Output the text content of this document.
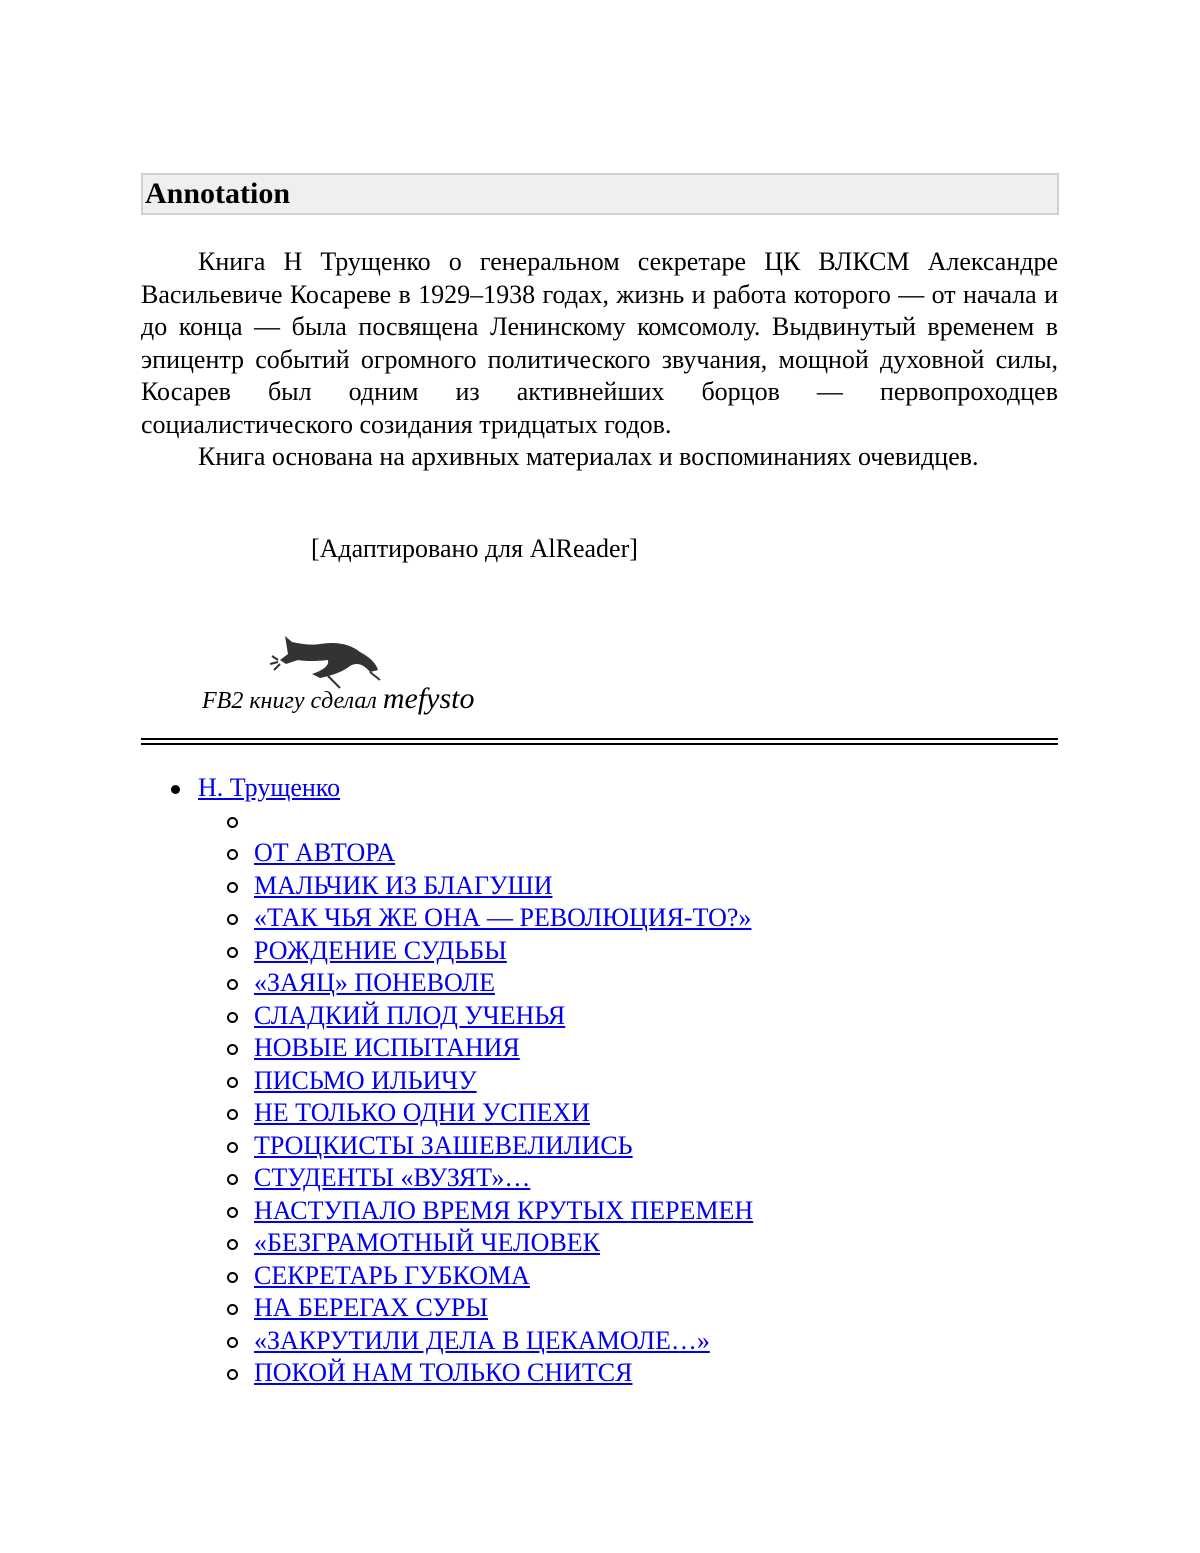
Annotation

Книга Н Трущенко о генеральном секретаре ЦК ВЛКСМ Александре Васильевиче Косареве в 1929–1938 годах, жизнь и работа которого — от начала и до конца — была посвящена Ленинскому комсомолу. Выдвинутый временем в эпицентр событий огромного политического звучания, мощной духовной силы, Косарев был одним из активнейших борцов — первопроходцев социалистического созидания тридцатых годов.

Книга основана на архивных материалах и воспоминаниях очевидцев.

[Адаптировано для AlReader]
FB2 книгу сделал mefysto
Н. Трущенко
ОТ АВТОРА
МАЛЬЧИК ИЗ БЛАГУШИ
«ТАК ЧЬЯ ЖЕ ОНА — РЕВОЛЮЦИЯ-ТО?»
РОЖДЕНИЕ СУДЬБЫ
«ЗАЯЦ» ПОНЕВОЛЕ
СЛАДКИЙ ПЛОД УЧЕНЬЯ
НОВЫЕ ИСПЫТАНИЯ
ПИСЬМО ИЛЬИЧУ
НЕ ТОЛЬКО ОДНИ УСПЕХИ
ТРОЦКИСТЫ ЗАШЕВЕЛИЛИСЬ
СТУДЕНТЫ «ВУЗЯТ»…
НАСТУПАЛО ВРЕМЯ КРУТЫХ ПЕРЕМЕН
«БЕЗГРАМОТНЫЙ ЧЕЛОВЕК
СЕКРЕТАРЬ ГУБКОМА
НА БЕРЕГАХ СУРЫ
«ЗАКРУТИЛИ ДЕЛА В ЦЕКАМОЛЕ…»
ПОКОЙ НАМ ТОЛЬКО СНИТСЯ
